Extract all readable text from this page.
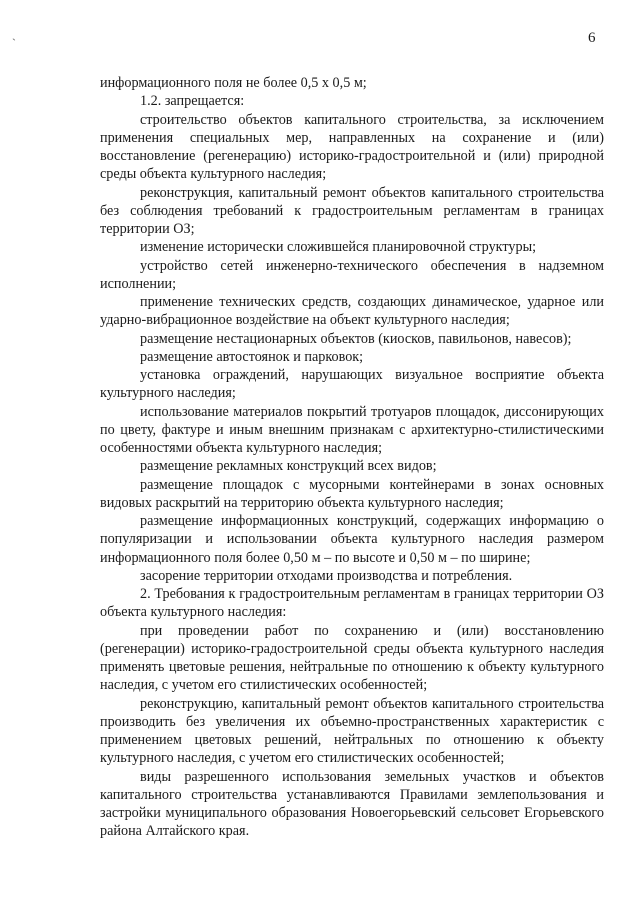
`	6

информационного поля не более 0,5 х 0,5 м;

1.2. запрещается:

строительство объектов капитального строительства, за исключением применения специальных мер, направленных на сохранение и (или) восстановление (регенерацию) историко-градостроительной и (или) природной среды объекта культурного наследия;

реконструкция, капитальный ремонт объектов капитального строительства без соблюдения требований к градостроительным регламентам в границах территории ОЗ;

изменение исторически сложившейся планировочной структуры;

устройство сетей инженерно-технического обеспечения в надземном исполнении;

применение технических средств, создающих динамическое, ударное или ударно-вибрационное воздействие на объект культурного наследия;

размещение нестационарных объектов (киосков, павильонов, навесов);

размещение автостоянок и парковок;

установка ограждений, нарушающих визуальное восприятие объекта культурного наследия;

использование материалов покрытий тротуаров площадок, диссонирующих по цвету, фактуре и иным внешним признакам с архитектурно-стилистическими особенностями объекта культурного наследия;

размещение рекламных конструкций всех видов;

размещение площадок с мусорными контейнерами в зонах основных видовых раскрытий на территорию объекта культурного наследия;

размещение информационных конструкций, содержащих информацию о популяризации и использовании объекта культурного наследия размером информационного поля более 0,50 м – по высоте и 0,50 м – по ширине;

засорение территории отходами производства и потребления.

2. Требования к градостроительным регламентам в границах территории ОЗ объекта культурного наследия:

при проведении работ по сохранению и (или) восстановлению (регенерации) историко-градостроительной среды объекта культурного наследия применять цветовые решения, нейтральные по отношению к объекту культурного наследия, с учетом его стилистических особенностей;

реконструкцию, капитальный ремонт объектов капитального строительства производить без увеличения их объемно-пространственных характеристик с применением цветовых решений, нейтральных по отношению к объекту культурного наследия, с учетом его стилистических особенностей;

виды разрешенного использования земельных участков и объектов капитального строительства устанавливаются Правилами землепользования и застройки муниципального образования Новоегорьевский сельсовет Егорьевского района Алтайского края.
